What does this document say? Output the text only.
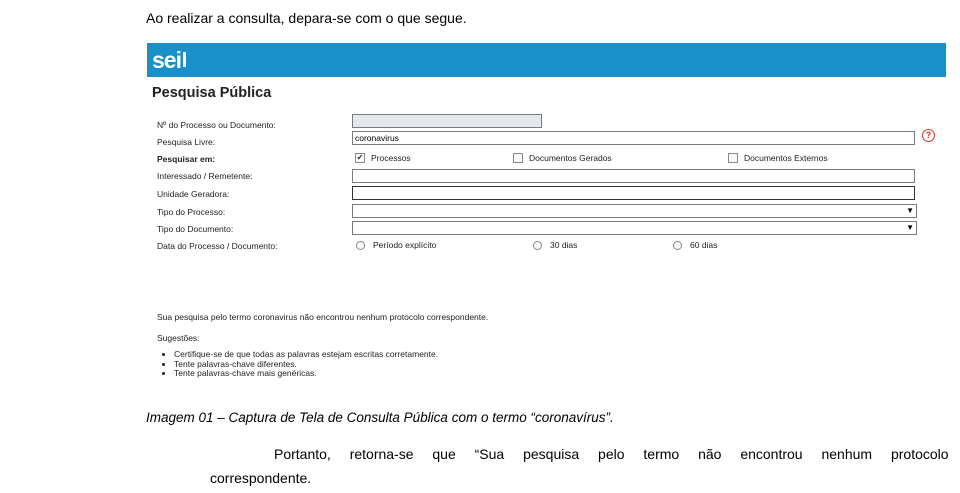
Ao realizar a consulta, depara-se com o que segue.
sei
Pesquisa Pública
Nº do Processo ou Documento:
Pesquisa Livre:	coronavirus	?
Pesquisar em:	✔ Processos	Documentos Gerados	Documentos Externos
Interessado / Remetente:
Unidade Geradora:
Tipo do Processo:	▼
Tipo do Documento:	▼
Data do Processo / Documento:	Período explícito	30 dias	60 dias
Sua pesquisa pelo termo coronavirus não encontrou nenhum protocolo correspondente.
Sugestões:
• Certifique-se de que todas as palavras estejam escritas corretamente.
• Tente palavras-chave diferentes.
• Tente palavras-chave mais genéricas.
Imagem 01 – Captura de Tela de Consulta Pública com o termo “coronavírus”.
Portanto, retorna-se que “Sua pesquisa pelo termo não encontrou nenhum protocolo
correspondente.
